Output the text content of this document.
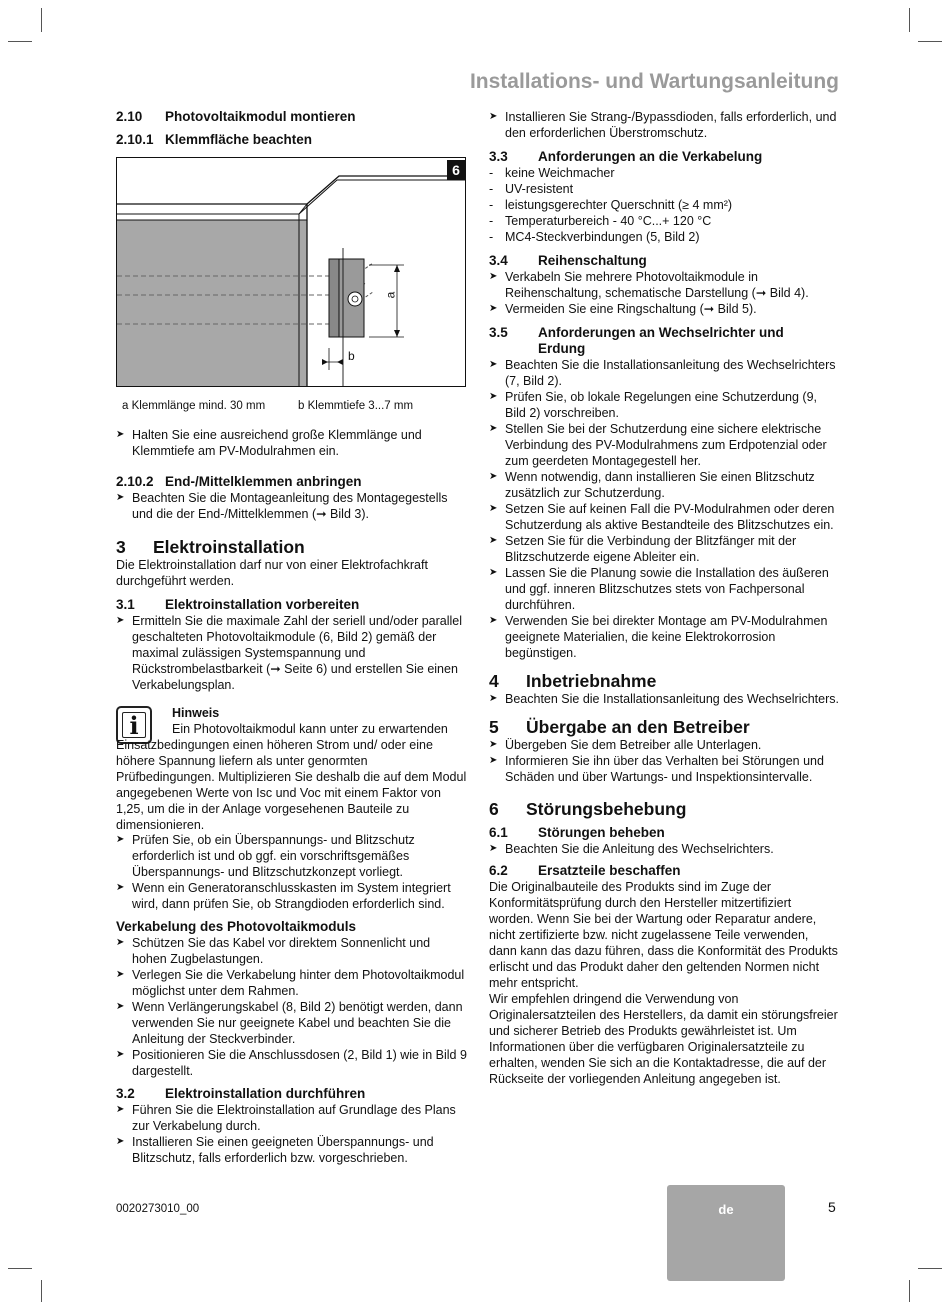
Installations- und Wartungsanleitung
2.10	Photovoltaikmodul montieren
2.10.1 Klemmfläche beachten
6
a
b
a Klemmlänge mind. 30 mm	b Klemmtiefe 3...7 mm
➤ Halten Sie eine ausreichend große Klemmlänge und Klemmtiefe am PV-Modulrahmen ein.
2.10.2 End-/Mittelklemmen anbringen
➤ Beachten Sie die Montageanleitung des Montagegestells und die der End-/Mittelklemmen (➞ Bild 3).
3	Elektroinstallation

Die Elektroinstallation darf nur von einer Elektrofachkraft durchgeführt werden.

3.1	Elektroinstallation vorbereiten
➤ Ermitteln Sie die maximale Zahl der seriell und/oder parallel geschalteten Photovoltaikmodule (6, Bild 2) gemäß der maximal zulässigen Systemspannung und Rückstrombelastbarkeit (➞ Seite 6) und erstellen Sie einen Verkabelungsplan.
i	Hinweis

Ein Photovoltaikmodul kann unter zu erwartenden Einsatzbedingungen einen höheren Strom und/ oder eine höhere Spannung liefern als unter genormten Prüfbedingungen. Multiplizieren Sie deshalb die auf dem Modul angegebenen Werte von Isc und Voc mit einem Faktor von 1,25, um die in der Anlage vorgesehenen Bauteile zu dimensionieren.

➤ Prüfen Sie, ob ein Überspannungs- und Blitzschutz erforderlich ist und ob ggf. ein vorschriftsgemäßes Überspannungs- und Blitzschutzkonzept vorliegt.
➤ Wenn ein Generatoranschlusskasten im System integriert wird, dann prüfen Sie, ob Strangdioden erforderlich sind.
Verkabelung des Photovoltaikmoduls
➤ Schützen Sie das Kabel vor direktem Sonnenlicht und hohen Zugbelastungen.
➤ Verlegen Sie die Verkabelung hinter dem Photovoltaikmodul möglichst unter dem Rahmen.
➤ Wenn Verlängerungskabel (8, Bild 2) benötigt werden, dann verwenden Sie nur geeignete Kabel und beachten Sie die Anleitung der Steckverbinder.
➤ Positionieren Sie die Anschlussdosen (2, Bild 1) wie in Bild 9 dargestellt.
3.2	Elektroinstallation durchführen
➤ Führen Sie die Elektroinstallation auf Grundlage des Plans zur Verkabelung durch.
➤ Installieren Sie einen geeigneten Überspannungs- und Blitzschutz, falls erforderlich bzw. vorgeschrieben.
➤ Installieren Sie Strang-/Bypassdioden, falls erforderlich, und den erforderlichen Überstromschutz.
3.3	Anforderungen an die Verkabelung
- keine Weichmacher
- UV-resistent
- leistungsgerechter Querschnitt (≥ 4 mm²)
- Temperaturbereich - 40 °C...+ 120 °C
- MC4-Steckverbindungen (5, Bild 2)
3.4	Reihenschaltung
➤ Verkabeln Sie mehrere Photovoltaikmodule in Reihenschaltung, schematische Darstellung (➞ Bild 4).
➤ Vermeiden Sie eine Ringschaltung (➞ Bild 5).
3.5	Anforderungen an Wechselrichter und
Erdung
➤ Beachten Sie die Installationsanleitung des Wechselrichters (7, Bild 2).
➤ Prüfen Sie, ob lokale Regelungen eine Schutzerdung (9, Bild 2) vorschreiben.
➤ Stellen Sie bei der Schutzerdung eine sichere elektrische Verbindung des PV-Modulrahmens zum Erdpotenzial oder zum geerdeten Montagegestell her.
➤ Wenn notwendig, dann installieren Sie einen Blitzschutz zusätzlich zur Schutzerdung.
➤ Setzen Sie auf keinen Fall die PV-Modulrahmen oder deren Schutzerdung als aktive Bestandteile des Blitzschutzes ein.
➤ Setzen Sie für die Verbindung der Blitzfänger mit der Blitzschutzerde eigene Ableiter ein.
➤ Lassen Sie die Planung sowie die Installation des äußeren und ggf. inneren Blitzschutzes stets von Fachpersonal durchführen.
➤ Verwenden Sie bei direkter Montage am PV-Modulrahmen geeignete Materialien, die keine Elektrokorrosion begünstigen.
4	Inbetriebnahme
➤ Beachten Sie die Installationsanleitung des Wechselrichters.
5	Übergabe an den Betreiber
➤ Übergeben Sie dem Betreiber alle Unterlagen.
➤ Informieren Sie ihn über das Verhalten bei Störungen und Schäden und über Wartungs- und Inspektionsintervalle.
6	Störungsbehebung
6.1	Störungen beheben
➤ Beachten Sie die Anleitung des Wechselrichters.
6.2	Ersatzteile beschaffen

Die Originalbauteile des Produkts sind im Zuge der Konformitätsprüfung durch den Hersteller mitzertifiziert worden. Wenn Sie bei der Wartung oder Reparatur andere, nicht zertifizierte bzw. nicht zugelassene Teile verwenden, dann kann das dazu führen, dass die Konformität des Produkts erlischt und das Produkt daher den geltenden Normen nicht mehr entspricht.

Wir empfehlen dringend die Verwendung von Originalersatzteilen des Herstellers, da damit ein störungsfreier und sicherer Betrieb des Produkts gewährleistet ist. Um Informationen über die verfügbaren Originalersatzteile zu erhalten, wenden Sie sich an die Kontaktadresse, die auf der Rückseite der vorliegenden Anleitung angegeben ist.

0020273010_00	de	5
